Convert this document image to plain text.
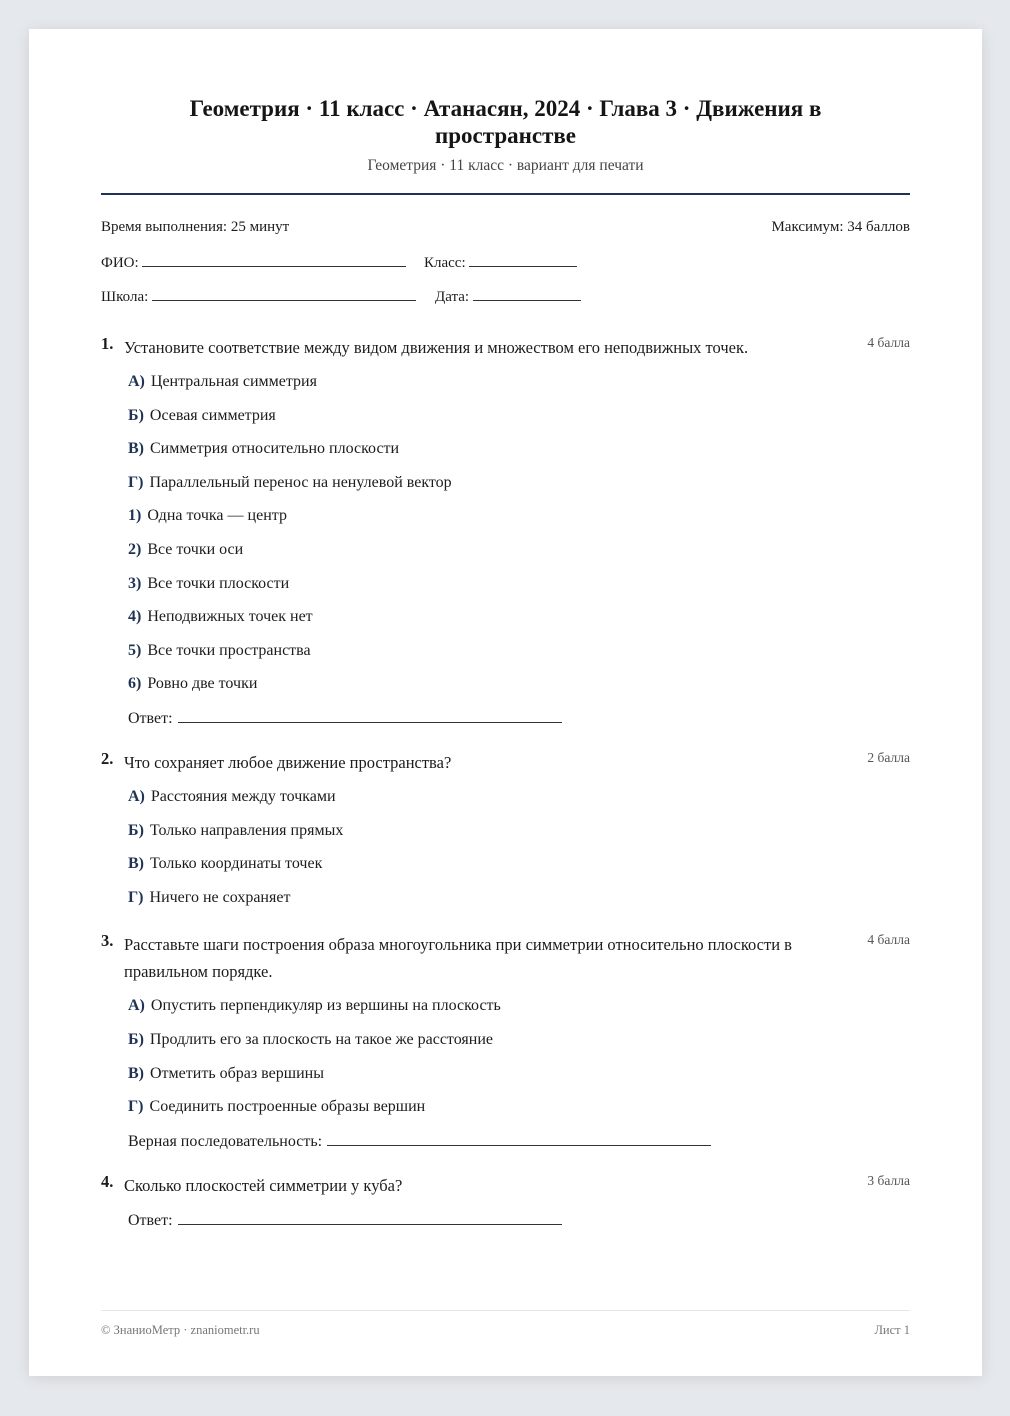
Геометрия · 11 класс · Атанасян, 2024 · Глава 3 · Движения в пространстве
Геометрия · 11 класс · вариант для печати
Время выполнения: 25 минут	Максимум: 34 баллов
ФИО:	Класс:
Школа:	Дата:
1. Установите соответствие между видом движения и множеством его неподвижных точек.	4 балла
А) Центральная симметрия
Б) Осевая симметрия
В) Симметрия относительно плоскости
Г) Параллельный перенос на ненулевой вектор
1) Одна точка — центр
2) Все точки оси
3) Все точки плоскости
4) Неподвижных точек нет
5) Все точки пространства
6) Ровно две точки
Ответ:
2. Что сохраняет любое движение пространства?	2 балла
А) Расстояния между точками
Б) Только направления прямых
В) Только координаты точек
Г) Ничего не сохраняет
3. Расставьте шаги построения образа многоугольника при симметрии относительно плоскости в правильном порядке.
4 балла
А) Опустить перпендикуляр из вершины на плоскость
Б) Продлить его за плоскость на такое же расстояние
В) Отметить образ вершины
Г) Соединить построенные образы вершин
Верная последовательность:
4. Сколько плоскостей симметрии у куба?	3 балла
Ответ:
© ЗнаниоМетр · znaniometr.ru	Лист 1
